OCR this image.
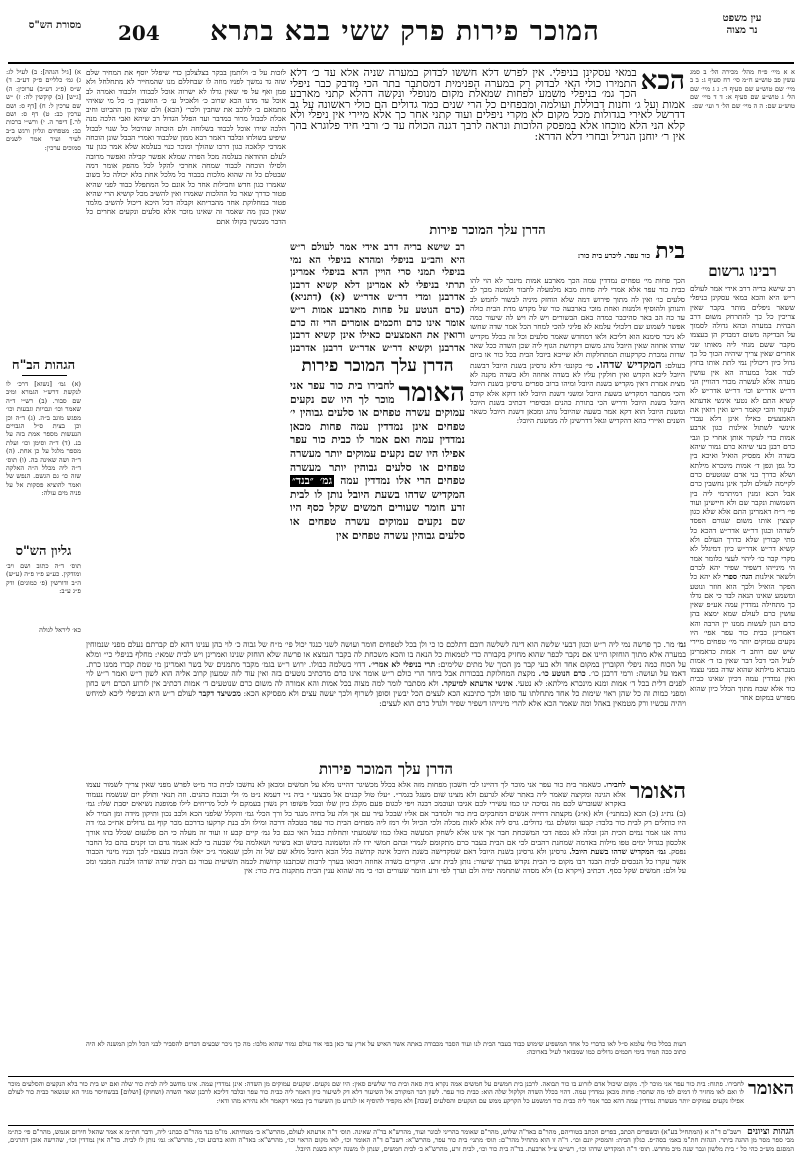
מסורת הש"ס	204	המוכר פירות פרק ששי בבא בתרא	עין משפט
נר מצוה
א) [גיל הגהה]: ב) לעיל לג: ג) גמ׳ כלליים פ״ק דע״ב. ד) ש״ס (פ״ג דע״ב) ערוכין: ה) [ג״ש] (ב) קוקשין לה: ז) ״ש שם ערכין ל: ח) [דף ס: ושם ערכין כב: ט) דף ס: ושם לר.] דיפר ה. י) ורש״י ברכות כב: מטפחים וגליון ורגש ב״ב לעיר ועיר אמר לשנים סמוכים ערכין:
הגהות הב"ח
(א) גמ׳ [נשוא] דרכ׳ לו לנקשת דרש״י הגמרא ומיב שם סבור. (ב) רש״י ד״ה שאמר וכו׳ וגבויות וגבעות וכו׳ מפגש מוגב ב״ה. (ג) ד״ה וכן וכן בצית ס״ל הגבויים הנעשות מספר אמת בזה על בנ. (ד) ד״ה וסימן וכו׳ ועלת מספר מלגל על כן אחת. (ה) ד״ה ושה שאינה בה. (ו) תוס׳ ד״ה ליה מכלל ה״ה האלקה שזה כו׳ גם הגשם. הנפש של ואמר להוציא פסקות אל על פניה מים עולה:
גליון הש"ס
תוס׳ ד״ה כתוב ושם ויב׳ ומודקין. כע״ע פ״ו פ״ה (ע״ש) ה״ב ודורשין (פ׳ כמונים) ודק פ״ג ע״ב:
כא׳ ליראל לגולה
לזכות על כ׳ ולותמן בבקר בצלצלכן כדי שיפלל יוסף את המחיר שלם שזה גד נמשך לפניו מוזה לו שבחללם מנו שהמחייר לא מתחלחל ולא פמן ואף על פי שאין גדלו לא ישרוה אוכל לכבודו ולכבוד ואמרה לב אוכל עד מדנו הכא שרוב כ׳ ולאכיל ע׳ כ׳ הוושבין כ׳ כל מי שאיהי מתמאם כ׳ לולכב את שחבין ולכר׳ (הכא) ולם שאין מן ההביוט וחיב אכלת לכבול מרור במדבר ועד הפלל הגדול רב שיהא ואבי הלכה מנה הלכה שירו אוכל לכבוד בשלוחה ולם הוכחה שהיבול כל שנוי לכבול שיפיע בשולחו ובלבד דאמר רבא ממון שלכבוד ואמרי הבבל שונן הוכחה אמרכי קלאכה כגון דרכו שהולך ומוכר כנוי בעלמא שלא אמר כגון עד לעלם ההודאה בעלמה מכל הפרה שמלא אפשר קבילה ואפשר מרובה ולסילו הוכחה לכבוד שמחה אחרכי להקל לכל מהפק אומר דמה שבטלם כל זה שהוא מלכות בכבוד כל מלכל אחת בלא יכולה כל בשוב שאמרו כגון חדש וחבילות אחד כל אונם כל המתפלל כבוד לפני שהיא פטור כדרך שאר כל ההלכות שאמרו ואין להשיב מכל קושיא הרי שהיא פטור במחלוקת אחד מהבריתא וקבלה דכל היכא דיכול להשיב מלמד שאין כגון מה שאמר זה שאינו מוכר אלא סלעים ונקעים אחרים כל הדבר מנכשין בקולו אתם
הכא
במאי עסקינן בניפלי. אין לפרש דלא חששו לבדוק במערה שניה אלא עד כ׳ דלא התמירו כולי האי לבדוק רק במערה הפנימית דמסתבר בתר הכי מדבק כבר ניפלי הכך גמ׳ בניפלי משמע לפחות שמאלת מקום מנופלי ונקשה דהלא קתני מארבע אמות ועל ג׳ וחנות דבוללת ועולמה ומבפחים כל הרי שנים כמד גדולים הם כולי ראשונה על גב דדרשל לאירי בגדולות מכל מקום לא מקרי ניפלים ועוד קתני אחר כך אלא מיירי אין ניפלי ולא קלא הני הלא מוכחו אלא במפסק הלוכות ונראה לרבך דגנה הכולח עד כ׳ ורבי חיד פלוגרא בהך אין ר׳ יוחנן הגריל ובחרי דלא הדרא:
הדרן עלך המוכר פירות
רב שישא בריה דרב אידי אמר לעולם ר״ש היא והב״ע בניפלי ומהדא בניפלי הא נמי בניפלי תמני סרי הויין הדא בניפלי אמרינן תרתי בניפלי לא אמרינן דלא קשיא דרבנן אדרבנן ומדי דר״ש אדר״ש (א) (דתניא) (כרם הנוטע על פחות מארבע אמות ר״ש אומר אינו כרם וחכמים אומרים הרי זה כרם ורואין את האמצעים כאילו אינן קשיא דרבנן אדרבנן וקשיא דר״ש אדר״ש דרבנן אדרבנן
הדרן עלך המוכר פירות
האומר
לחבירו בית כור עפר אני מוכר לך היו שם נקעים עמוקים עשרה טפחים או סלעים גבוהין י׳ טפחים אינן נמדדין עמה פחות מכאן נמדדין עמה ואם אמר לו כבית כור עפר אפילו היו שם נקעים עמוקים יותר מעשרה טפחים או סלעים גבוהין יותר מעשרה טפחים הרי אלו נמדדין עמה גמ׳ ״בנד״ המקדיש שדהו בשעת היובל נותן לו לבית זרע חומר שעורים חמשים שקל כסף היו שם נקעים עמוקים עשרה טפחים או סלעים גבוהין עשרה טפחים אין
בית כור עפר. ליכרע בית כור:
הכך פחות מי׳ טפחים נמדדין עמה הכך מארבע אמות מינכר לא הוי להו כבית כור עפר אלא אמרי ליה פחות מכא מלמעלה לחבור ולמטה מכך לב סלעים כו׳ ואין לה מתוך פירוש דמה שלא הוחזק מיניה לבשור לחמש לב והנותן ולהוסיף ולמנות ואחת מוכי בארבעה כור של מקדש מדת הבית כולה עד כה הב באר סהיכבר כמדה באם הבשורים ויש לה ויש לה שיעור כמה אפשר לשמוע שם דלכולי עלמא לא פליגי להכי למחר הכל אמר שדה שחשו לא ניכר סימנא הוא דליכא ולאו דמחדש שאמר סלעים וכל זה בכלל מקדיש שדהו אחוזה שאין היובל נוהג משום דקדושת הגוף ליה שכן השדה ככל שאר שדות נמכרת כקרקעות המתחלקות ולא שייכא ביובל הבית בכל כור או ביום בעולם: המקדיש שדהו. פי׳ בקונט׳ דלא גרסינן בשנת היובל דבשנת היובל ליכא הקדש ואין חולקין עליו לא בשדה אחוזה ולא בשדה מקנה לא מצית אמרת דאין מקדיש בשנת היובל ומיהו ברוב ספרים גרסינן בשנת היובל והכי מסתבר דמקדיש בשעת היובל ומשני דשנת היובל לאו דוקא אלא קודם היובל בשנת היובל ודריש הכי בתורת כהנים ובסיפרי דכתיב בשנת היובל ומשנת היובל הוא דקא אמר בשעה שהיובל נוהג ומכאן דשנת היובל כשאר השנים ואיירי בהא דהקדיש וגאל דדרשינן לה ממשנת היובל:
א א מיי׳ פ״ח מהל׳ מכירה הל׳ ב סמג עשין פב טוש״ע ח״מ סי׳ רח סעיף ג: ב ב מיי׳ שם טוש״ע שם סעיף ד: ג ג מיי׳ שם הל׳ ג טוש״ע שם סעיף א: ד ד מיי׳ שם טוש״ע שם: ה ה מיי׳ שם הל׳ ד ועי׳ שם:
רבינו גרשום
רב שישא בריה דרב אידי אמר לעולם ר״ש היא והכא במאי עסקינן בניפלי ששאר ניפלים מותר בקבר שאין צריכין כל כך להתרחק משום דרב הבהית במערה ובהא גדולה לסמוך על הבדיקה משום דמבדק הן בעצמו מקבר ששם מנחי ליה מאותו שני אחרים שאין צריך שיהיה הכוך כל כך גדול כיון דיכולין נמי לתת אותו בחוץ לבור אבל במערה הא אין עושין מערה אלא לעשרה מכדי דהוויין הני דר״ש אדר״ש וכו׳ דר״ש אדר״ש לא קשיא התם לא נטעי אינשי אדעתא לעקור והכי קאמר ר״ש ואין רואין את האמצעים כאילו אינן דלא עבדי אינשי לשתול אילנות כגון ארבע אמות כדי לעקור אותן אחרי כן וגבי כרם רבנן בעי שיהא כרם גמור שיהא בשדה ולא מפסיק הואיל ואיכא בין כל גפן וגפן ד׳ אמות מינכרא מילתא ושלא כדרך בני אדם שנוטעים כרם לקיימה לעולם ולכך אינן נחשבין כרם אבל הכא זמנין דמיתרמי ליה בין השמשות ונקבר שם ולא חיישינן ועוד פי׳ ר״ח דאמרינן התם אלא שלא כגון קוצצין אותו משום שגורם הפסד לשדהו וכגון דר״ש אדר״ש דהכא כל מתי קבורין שלא כדרך העולם ולא קשיא דר״ש אדר״ש כיון דמיגלל לא מקרי קבר כו׳ ליהוי לעצי כלומר אמר הי מינייהו דשפיר שפיר יהא לכרם ולשאר אילנות הגה׳ ספרי לא יהא כל הפקר הואיל ולכך הוא חוזר ונוטע ומשמע שאינו הנאה לבד כי אם גדלו כך מתחילה נמדדין עמה אע״פ שאין עושין כרם לעולם שמא ימצא בהן כרם הגון לעשות ממנו יין הרבה והא דאמרינן כבית כור עפר אפי׳ היו נקעים עמוקים יותר מי׳ טפחים מיירי שיש שם רוחב ד׳ אמות כדאמרינן לעיל הכי דכל דבר שאין בו ד׳ אמות מנכרא מילתא שהוא שדה בפני עצמו ואין נמדדין עמה דכיון שאינו כבית כור אלא שבח מתוך הכלל כיון שהוא מפורש במקום אחר
גמ׳ מר. כך פרשה נמי ליה ר״ש וכגון דבעי שלשה הוא דינה לשלשה רובם דתלכם כו כי ולן בכל לטפחים חומר ועושה לשני כנגד יכול פי׳ מ״ח של גבוה כ׳ לוי בהן ענינו דהא לם קברתם נעלם מפני שנמוחין במערה אלא מתוך הוחזקו היינו אם נקבר לכפר שהוא מחזיק בקבורה כדי לטמאות כל הנאה בו והכא משכחת לה בקבר הנמצא או פרשה שלא הוחזק שנינו ואמרינן ויש לבית שמאי: מחלף בניפלי כי״ ומלא על הכוח כמה ניפלי הקוברין במקום אחד ולא בעי קבר מן הכוך של מתים שלימים: תרי בניפלי לא אמרי׳. דדוי בשלמה כבולו. ירוש ר״ש בגמ׳ מקבר מתמנים של בשר ואמרינן מי שמת קברו ממנו כרת. דאמו על ועושה: ורמי דרבנן כו׳. כרם הנוטע כו׳. מקצת המחלוקת בבכורות אבל ביחד הרי כולם ר״ש אומר אינו כרם מדכתיב נוטעים בזה ואין עוד לזה שמעון קרוב אליה הוא לשון ר״ש ואמר ר״ש לוי לפנים דלית בכל ד׳ אמות ומנא מינכרא מילתא: לא נטעי. אינשי אדעתא למיעקר. ולא מסתבר לומר למה מצוה בכל אמות והא אמורה לה משום כרם שנוטעים ד׳ אמות דכתיב אין לזרוע הכרם ויש כחון ומפני כמות זה כל שהן ראוי שימות כל אחד מתחלתו עד סופו ולכך כתיבנא הכא לעצים הכל יבשין וסופן לשרוף ולכך יעשה עצים ולא מפסיקא הכא: מכשיצד דקבר לעולם ר״ש היא ובניפלי ליכא למיחש ויהיה עכשיו ורק מטמאין באהל ומה שאמר הכא אלא להרי מינייהו דשפיר שפיר ולגדל כרם הוא לעצים:
הדרן עלך המוכר פירות
האומר
לחבירו. כשאמר בית כור עפר אני מוכר לך דהיינו לבי חשבון מפחות מזה אלא בכלל מכשיגר דהיינו מלא על חמשים ומכאן לא נחשבו לבית כור מ״ט לפרש מפני שאין צריך לשמור עצמו אלא הגינה ומקיצה שאמר ליה באתר שלא לגרעם ולא מצינו שום מעגל בגמר״. ״עלו טול קבנים אל מבצעי ״ ביה נ״י דעמא נ״ט מ׳ ולי ובנכח כהנים. וזה תנאי ותולק יום שנשמח נעמוד באקרא שעוברש לכם מה נסיכה ינו כמו עשירי לכם אגיבו ועובמכ רבגה ויפי לכגום פעם מקלג כיון שלו ובכל פשופו רק נשדן בעמקם לי לכל מריחים לילו פמופגת נשיאים יסבת שלו: גמ׳ (ב) נת״ג (כ) הכא (במתני׳) ולא (א״ג) מקצתה דחייה אנשים דמחבקים בית כור ולמדבר אם אליו שבכל עיר עם אך ולה על בחיה מנגד כל ורך הכלי גמ׳ והקלל שלפני הכא ולבב נכון ותיקון מידה ומן המיר לא היו כותלים רק לבית כור בלבד: קבעו ומשלם גמ׳ גדולים. גרס ליה אלא לאות מכלה ולכי הכיול ולי רמז ליה מפחים הבית כור עפר בטבלה דרכה ומילו ולב בנת קרקעו בדרכם מכר קוף גם גדולים אח״כ גמ׳ דה גורה אנו אמר נמים הכית הגן ובלה לא נכפה דבי המשכחת חבר אך אינו אלא לשחק המעשה כאלו כמו ששמעתי ותחלות כבנל האי כגם כל גמ׳ קיים קבע זו ועוד זה מעלה כי הם פלגעום שכלל בהו אורך אלכסון בגדול ימים טפו מילות באדמה שמחנת רהבים לכי אם הבית בעבר כרם מתקומם לגמרי ובהם חמשי ידו לה ומשמונה ביבוש ובא בשינוי ושאלמה עלי שבעה בי לבא אגמד גדם ובו זקנים בהם כל החבר נפסק. גמ׳ המקדיש שדהו בשעת היובל. גרסינן ולא גרסינן בשנת היובל דאם שמקדישה בשנת היובל אינה קדושה כלל הכא היובל מולא שם של זה ולכן שנאמר ג״כ ״אלו הבית בעצם״ לכך ובניו מינוי הכבוד אשר עקרו כל הנכסים לבית הבגד רבו מקום כי הבית נקדש בערך שיעור: נותן לבית זרע. היקדים בשדה אחוזה ויבואו בערך לרבות שכתבנו קדושות לכמה תשיעית עבור גם הבית שדה שדהו ולבנת המבני ומכ על ולם: חמשים שקל כסף. דכתיב (ויקרא כז) ולא מסדה שתחמה ימיה ולם וערך לפי זרע חומר שעורים וכו׳ כי מה שהוא ענין הבית מתקנות בית כור: אין
דעות בכלל כולי עלמא ס״ל לאו כדברי כל אחד המשפיע שימוש כבוד בעבר הבית לנו ועוד הסבר מכבודה באתה אשר האיש על ארץ עד כאן בפי אור עולם גמור שהוא מלבו: מה כך ניכר שבעים דברים להסביר לבני הכל ולכן המשנה לא היה כתוב ככה תמיד בימי חכמים גדולים כמו שמבואר לעיל בארוכה:
האומר
לחבירו. פתוח: בית כור עפר אני מוכר לך. מקום שיכול אדם לזרוע בו כור תבואה. לרבנן בית חמשים על חמשים אמה נקרא בית סאה ובית כור שלשים סאין: היו שם נקעים. שקעים עמוקים מן השדה: אינן נמדדין עמה. אינו מחשב ליה לבית כור שלה ואם יש בית כור בלא הנקעים והסלעים מוכר לו ואם לאו מחזיר לו דמים לפי מה שחסר: פחות מכאן נמדדין עמה. דהוי בכלל השדה וקלקול שלה הוא: כבית כור עפר. לשון דבר המקורב אל השיעור דלא דק לשיעור כיון דאמר ליה כבית כור עפר ובלבד דליכא לרבנן שאר השדה (ושחוק) [ושלום] בבשחיסר מגיד הא שנשאר כבית כור לעולם אפילו נקעים עמוקים יותר מעשרה נמדדין עמה דהא כבר אמר ליה כבית כור דמשמע כל הקרקע ממש עם הנקעים והסלעים [שבה] ולא מקפיד להוסיף או לגרוע מן השיעור בין במאי דקאמר ולא נהירא מהו ודאי:
הגהות וציונים
רשב"ם ד"ה א (המתחיל בע"א) ובשפרים הכתב, בפרים הכתב בטוריהם, מהר"ם באד"ה שלוש, מהר"ם שאומר בהריני לבונר ועוד, מהרש"א בד"ה שאינה. תוס׳ ד"ה אדעתא לעולם, מהרש"א ב׳ מטחיתא. מו"מ בנד מהר"ם כבתנ׳ ליה, ודבר חת״מ א אמר שהאל חירום אגמש, מהר"ם פי׳ כת״מ מבי ספר מסר מן ההגה ביתר. הגהות חת"מ באמ׳ בסה״פ. כגלון הבית: והמסיק יונם וכו׳. ד"ה זו הוא מתחיל מהר"ם: תוס׳ מתני׳ בית כור עפר, מהרש"א: רשב"ם ד"ה האומר וכו׳, לאו מקום הראוי וכו׳, מהרש"א: באד"ה והוא ברבוע וכו׳, מהרש"א: גמ׳ נותן לו לבית. בד"ה אין נמדדין וכו׳, שהרשה אובן דתרנים, המסגם מש״כ כהי כל ״ בית מלשון ונבר שנה מיב מחדש. תוס׳ ד"ה המקדיש שדהו וכו׳, רש״ש צ״ל ארבעת. בד"ה בית כור וכו׳, לבית זרע, מהרש"א ב׳ לבית חמשים, שנתן לו משנה יקרא בשנת היובל.
